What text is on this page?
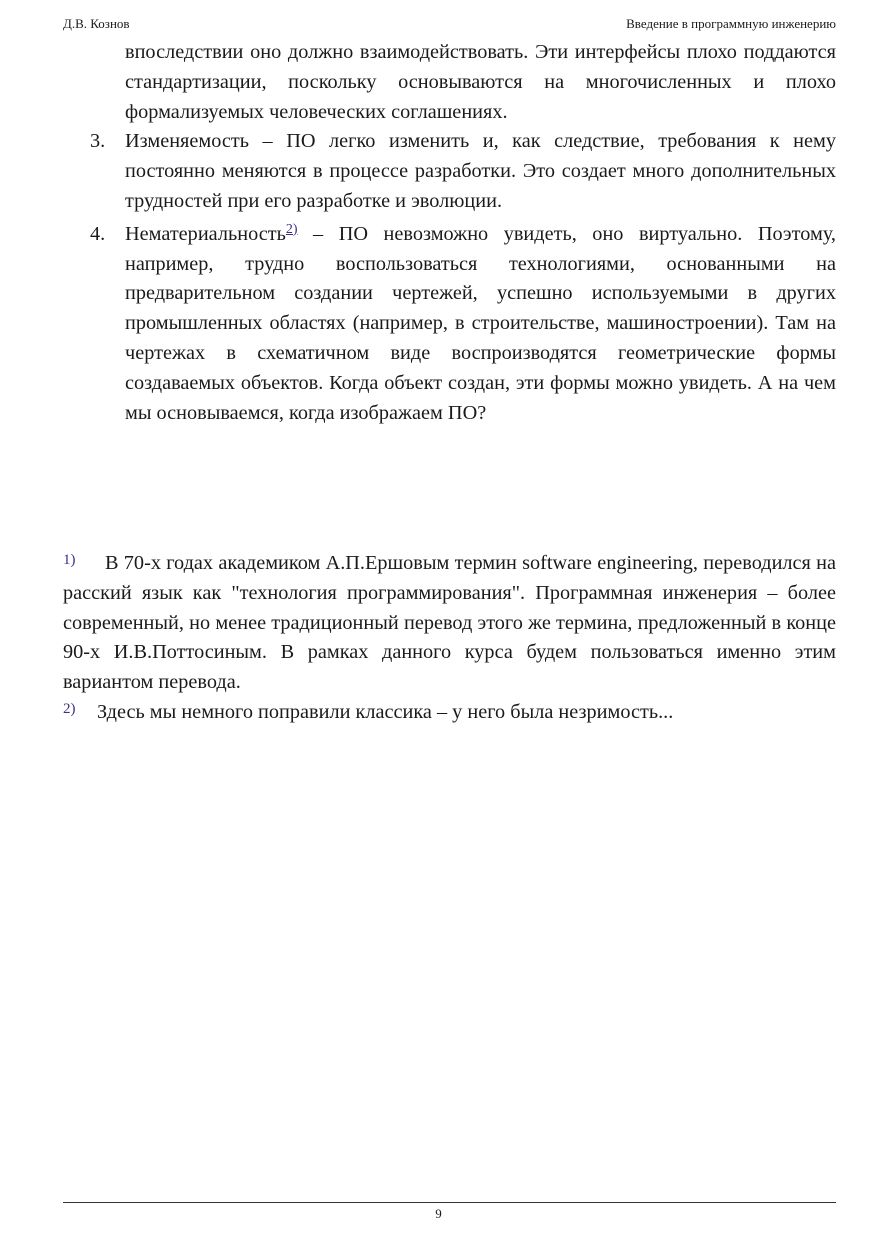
Д.В. Кознов	Введение в программную инженерию

впоследствии оно должно взаимодействовать. Эти интерфейсы плохо поддаются стандартизации, поскольку основываются на многочисленных и плохо формализуемых человеческих соглашениях.

3. Изменяемость – ПО легко изменить и, как следствие, требования к нему постоянно меняются в процессе разработки. Это создает много дополнительных трудностей при его разработке и эволюции.

4. Нематериальность$^{2)}$ – ПО невозможно увидеть, оно виртуально. Поэтому, например, трудно воспользоваться технологиями, основанными на предварительном создании чертежей, успешно используемыми в других промышленных областях (например, в строительстве, машиностроении). Там на чертежах в схематичном виде воспроизводятся геометрические формы создаваемых объектов. Когда объект создан, эти формы можно увидеть. А на чем мы основываемся, когда изображаем ПО?

1) В 70-х годах академиком А.П.Ершовым термин software engineering, переводился на расский язык как "технология программирования". Программная инженерия – более современный, но менее традиционный перевод этого же термина, предложенный в конце 90-х И.В.Поттосиным. В рамках данного курса будем пользоваться именно этим вариантом перевода.

2) Здесь мы немного поправили классика – у него была незримость...

9
